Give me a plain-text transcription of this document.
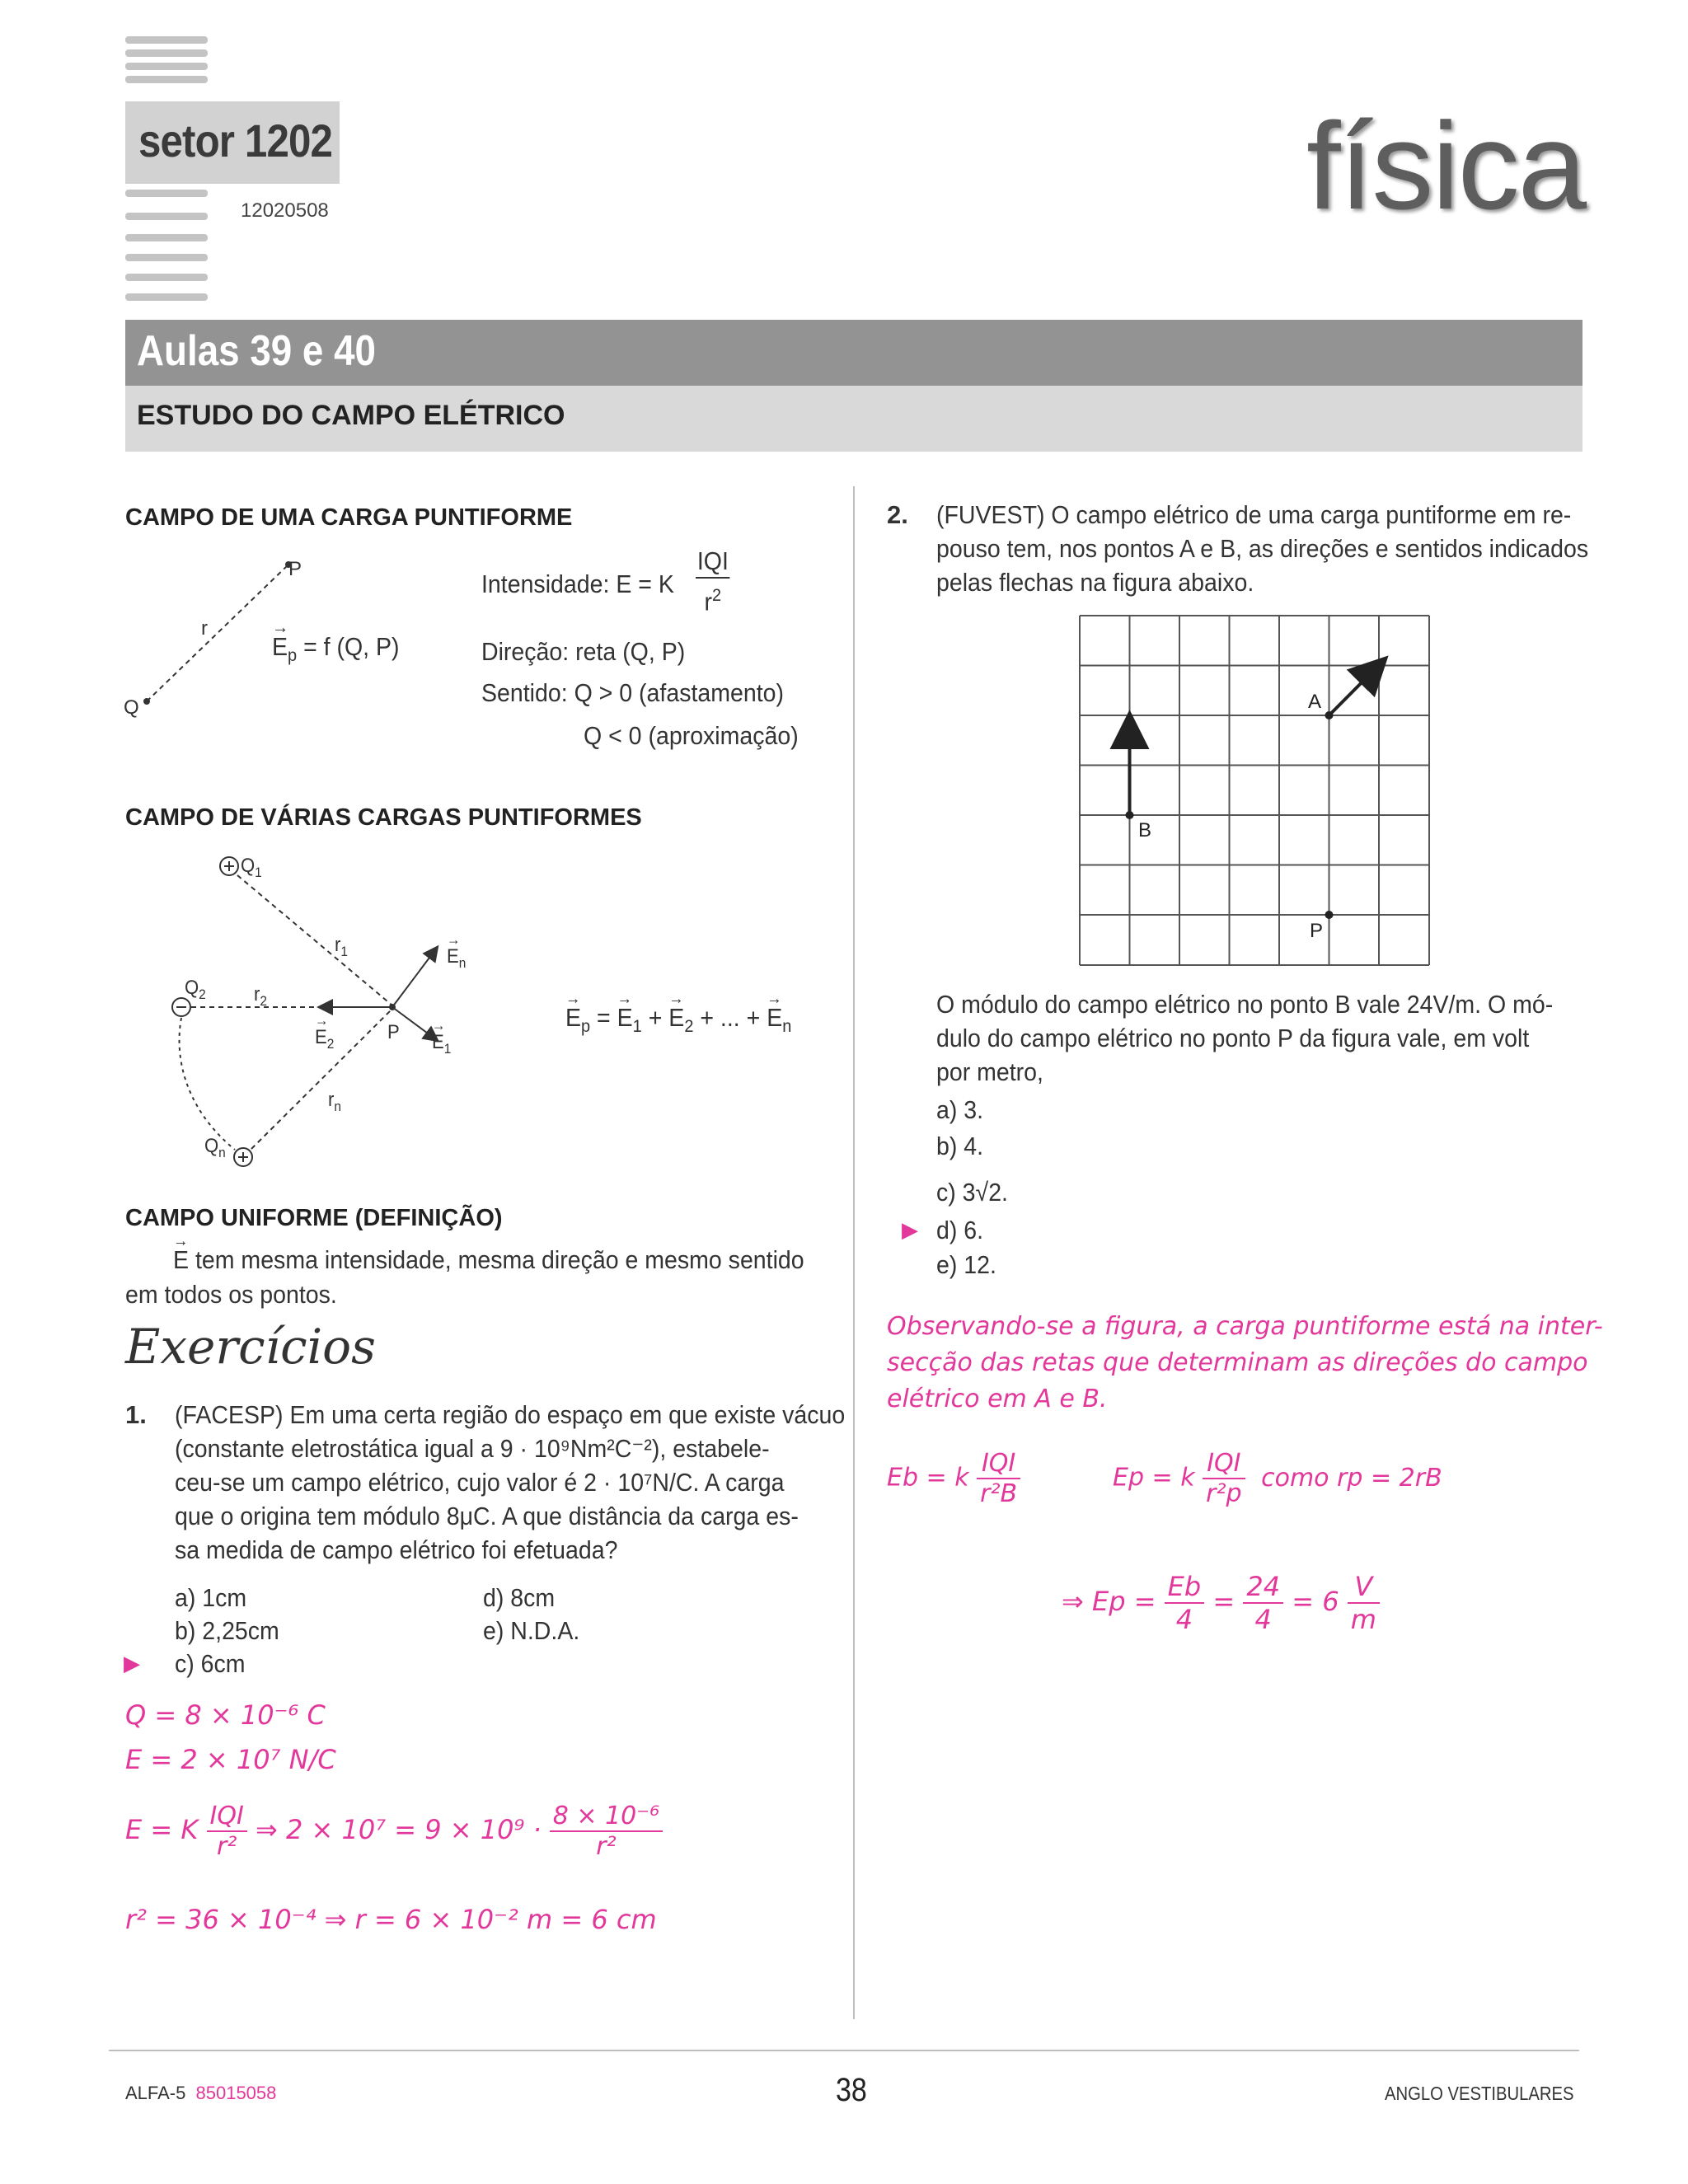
setor 1202
12020508	física
Aulas 39 e 40
ESTUDO DO CAMPO ELÉTRICO
CAMPO DE UMA CARGA PUNTIFORME
Q
P
r	→
$E_p = f$ (Q, P)
Intensidade: E = K
IQI
$r^2$
Direção: reta (Q, P)
Sentido: Q > 0 (afastamento)
Q < 0 (aproximação)
CAMPO DE VÁRIAS CARGAS PUNTIFORMES
$Q_1$
$Q_2$
$Q_n$
$r_1$
$r_2$
$r_n$
P
→
$E_n$
→
$E_1$
→
$E_2$
→
$E_p$ =
→
$E_1$ +
→
$E_2$ + ... +
→
$E_n$
CAMPO UNIFORME (DEFINIÇÃO)
→
E tem mesma intensidade, mesma direção e mesmo sentido
em todos os pontos.
Exercícios
1. (FACESP) Em uma certa região do espaço em que existe vácuo
(constante eletrostática igual a 9 · 10⁹Nm²C⁻²), estabele-
ceu-se um campo elétrico, cujo valor é 2 · 10⁷N/C. A carga
que o origina tem módulo 8μC. A que distância da carga es-
sa medida de campo elétrico foi efetuada?
a) 1cm
b) 2,25cm
▶ c) 6cm
d) 8cm
e) N.D.A.
Q = 8 × 10⁻⁶ C
E = 2 × 10⁷ N/C
E = K $\frac{\text{IQI}}{\text{r²}}$ ⇒ $2 \times 10^7 = 9 \times 10^9 \cdot \frac{\text{8 × 10⁻⁶}}{\text{r²}}$
r² = 36 × 10⁻⁴ ⇒ r = 6 × 10⁻² m = 6 cm
2. (FUVEST) O campo elétrico de uma carga puntiforme em re-
pouso tem, nos pontos A e B, as direções e sentidos indicados
pelas flechas na figura abaixo.
A
B
P
O módulo do campo elétrico no ponto B vale 24V/m. O mó-
dulo do campo elétrico no ponto P da figura vale, em volt
por metro,
a) 3.
b) 4.
c) 3√2.
▶ d) 6.
e) 12.
Observando-se a figura, a carga puntiforme está na inter-
secção das retas que determinam as direções do campo
elétrico em A e B.
Eb = k $\frac{\text{IQI}}{\text{r²B}}$	Ep = k $\frac{\text{IQI}}{\text{r²p}}$ como rp = 2rB
⇒ $Ep = \frac{Eb}{4} = \frac{24}{4} = 6 \frac{V}{m}$
ALFA-5 85015058	38	ANGLO VESTIBULARES
